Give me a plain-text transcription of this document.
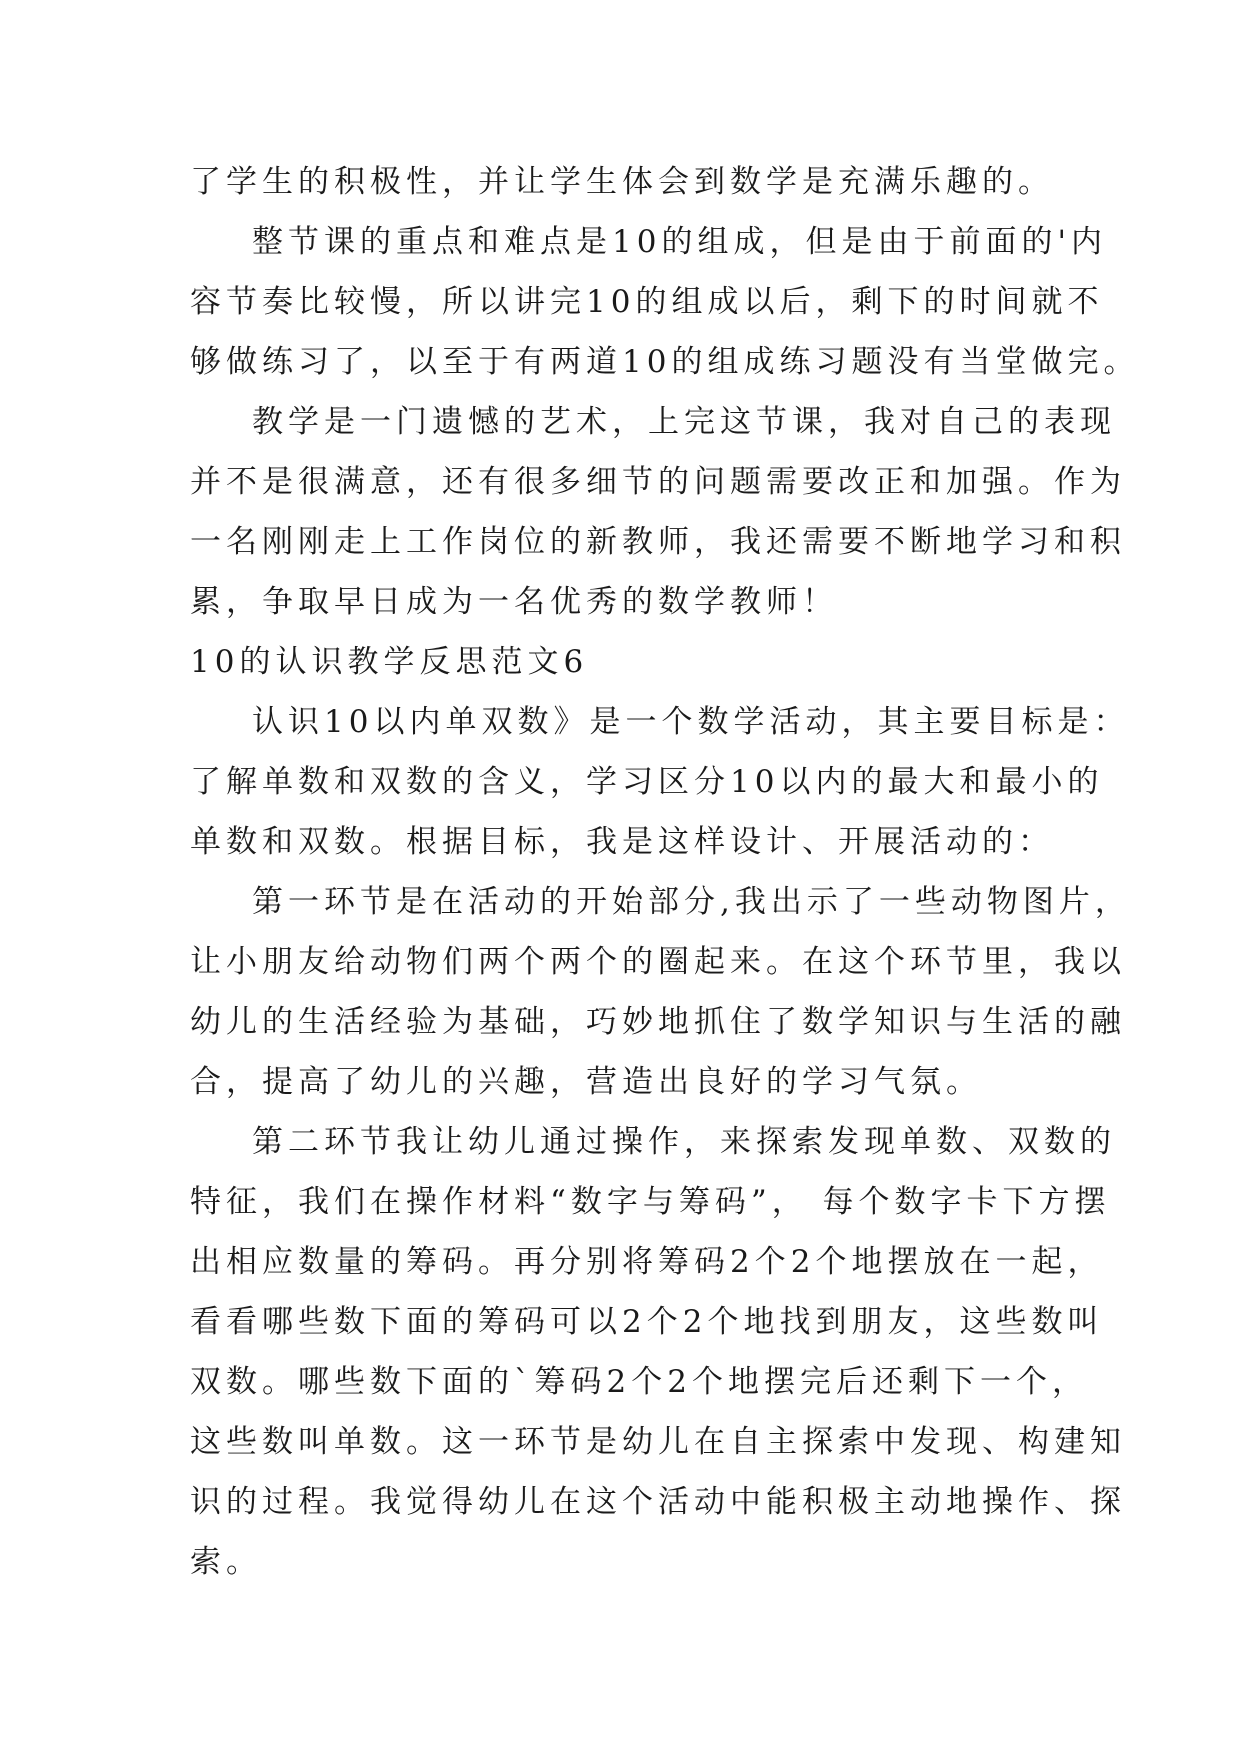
了学生的积极性，并让学生体会到数学是充满乐趣的。

整节课的重点和难点是10的组成，但是由于前面的'内

容节奏比较慢，所以讲完10的组成以后，剩下的时间就不

够做练习了，以至于有两道10的组成练习题没有当堂做完。

教学是一门遗憾的艺术，上完这节课，我对自己的表现

并不是很满意，还有很多细节的问题需要改正和加强。作为

一名刚刚走上工作岗位的新教师，我还需要不断地学习和积

累，争取早日成为一名优秀的数学教师！

10的认识教学反思范文6

认识10以内单双数》是一个数学活动，其主要目标是：

了解单数和双数的含义，学习区分10以内的最大和最小的

单数和双数。根据目标，我是这样设计、开展活动的：

第一环节是在活动的开始部分,我出示了一些动物图片，

让小朋友给动物们两个两个的圈起来。在这个环节里，我以

幼儿的生活经验为基础，巧妙地抓住了数学知识与生活的融

合，提高了幼儿的兴趣，营造出良好的学习气氛。

第二环节我让幼儿通过操作，来探索发现单数、双数的

特征，我们在操作材料“数字与筹码”， 每个数字卡下方摆

出相应数量的筹码。再分别将筹码2个2个地摆放在一起，

看看哪些数下面的筹码可以2个2个地找到朋友，这些数叫

双数。哪些数下面的`筹码2个2个地摆完后还剩下一个，

这些数叫单数。这一环节是幼儿在自主探索中发现、构建知

识的过程。我觉得幼儿在这个活动中能积极主动地操作、探

索。
